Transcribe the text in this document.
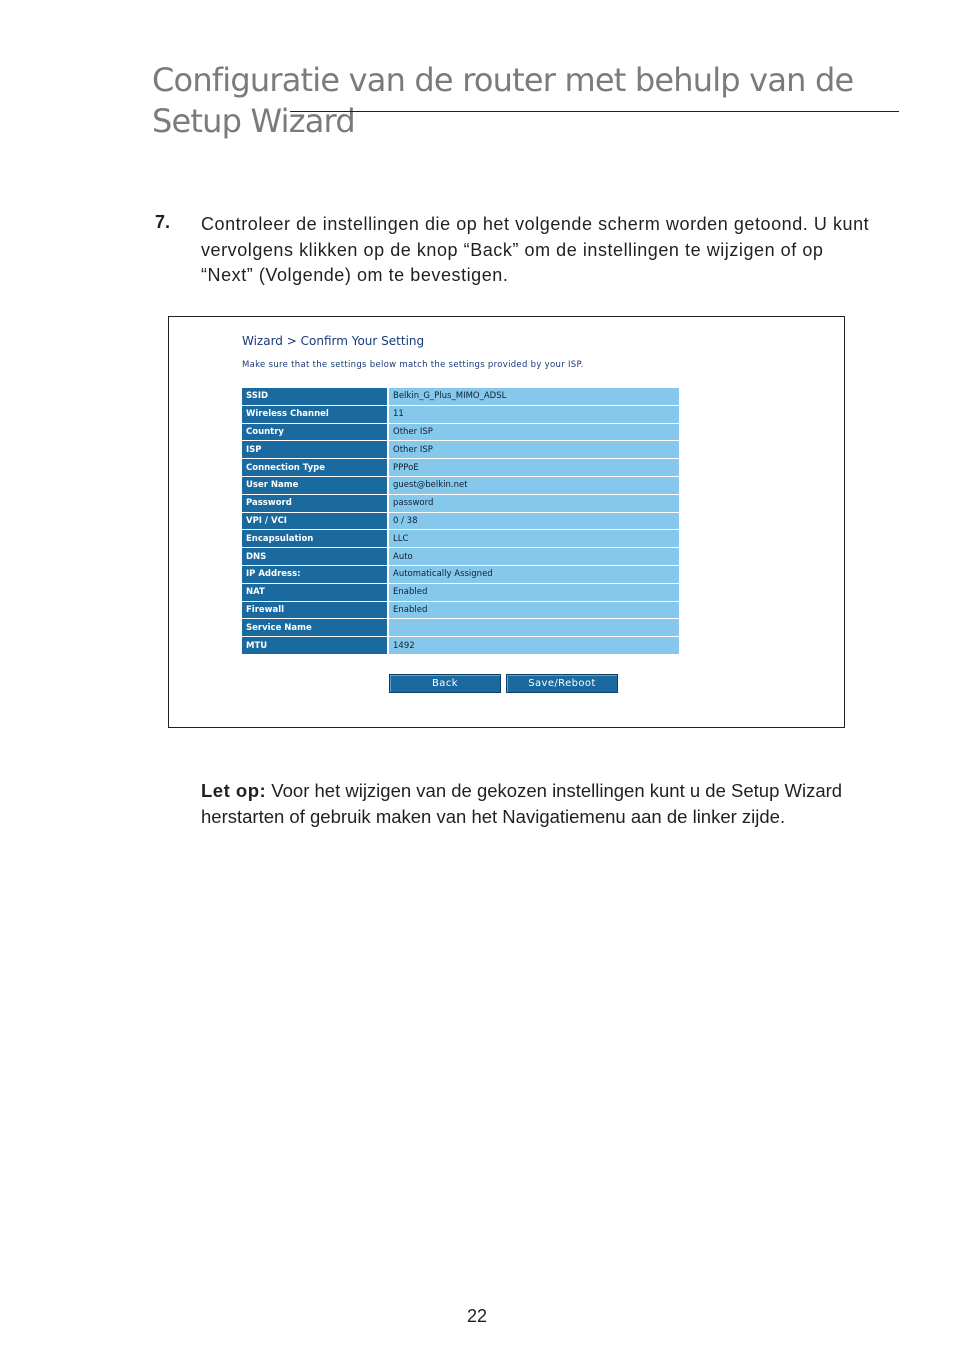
Configuratie van de router met behulp van de
Setup Wizard
7. Controleer de instellingen die op het volgende scherm worden getoond. U kunt vervolgens klikken op de knop “Back” om de instellingen te wijzigen of op “Next” (Volgende) om te bevestigen.
Wizard > Confirm Your Setting
Make sure that the settings below match the settings provided by your ISP.
SSID	Belkin_G_Plus_MIMO_ADSL
Wireless Channel	11
Country	Other ISP
ISP	Other ISP
Connection Type	PPPoE
User Name	guest@belkin.net
Password	password
VPI / VCI	0 / 38
Encapsulation	LLC
DNS	Auto
IP Address:	Automatically Assigned
NAT	Enabled
Firewall	Enabled
Service Name	
MTU	1492
Back	Save/Reboot
Let op: Voor het wijzigen van de gekozen instellingen kunt u de Setup Wizard herstarten of gebruik maken van het Navigatiemenu aan de linker zijde.
22
